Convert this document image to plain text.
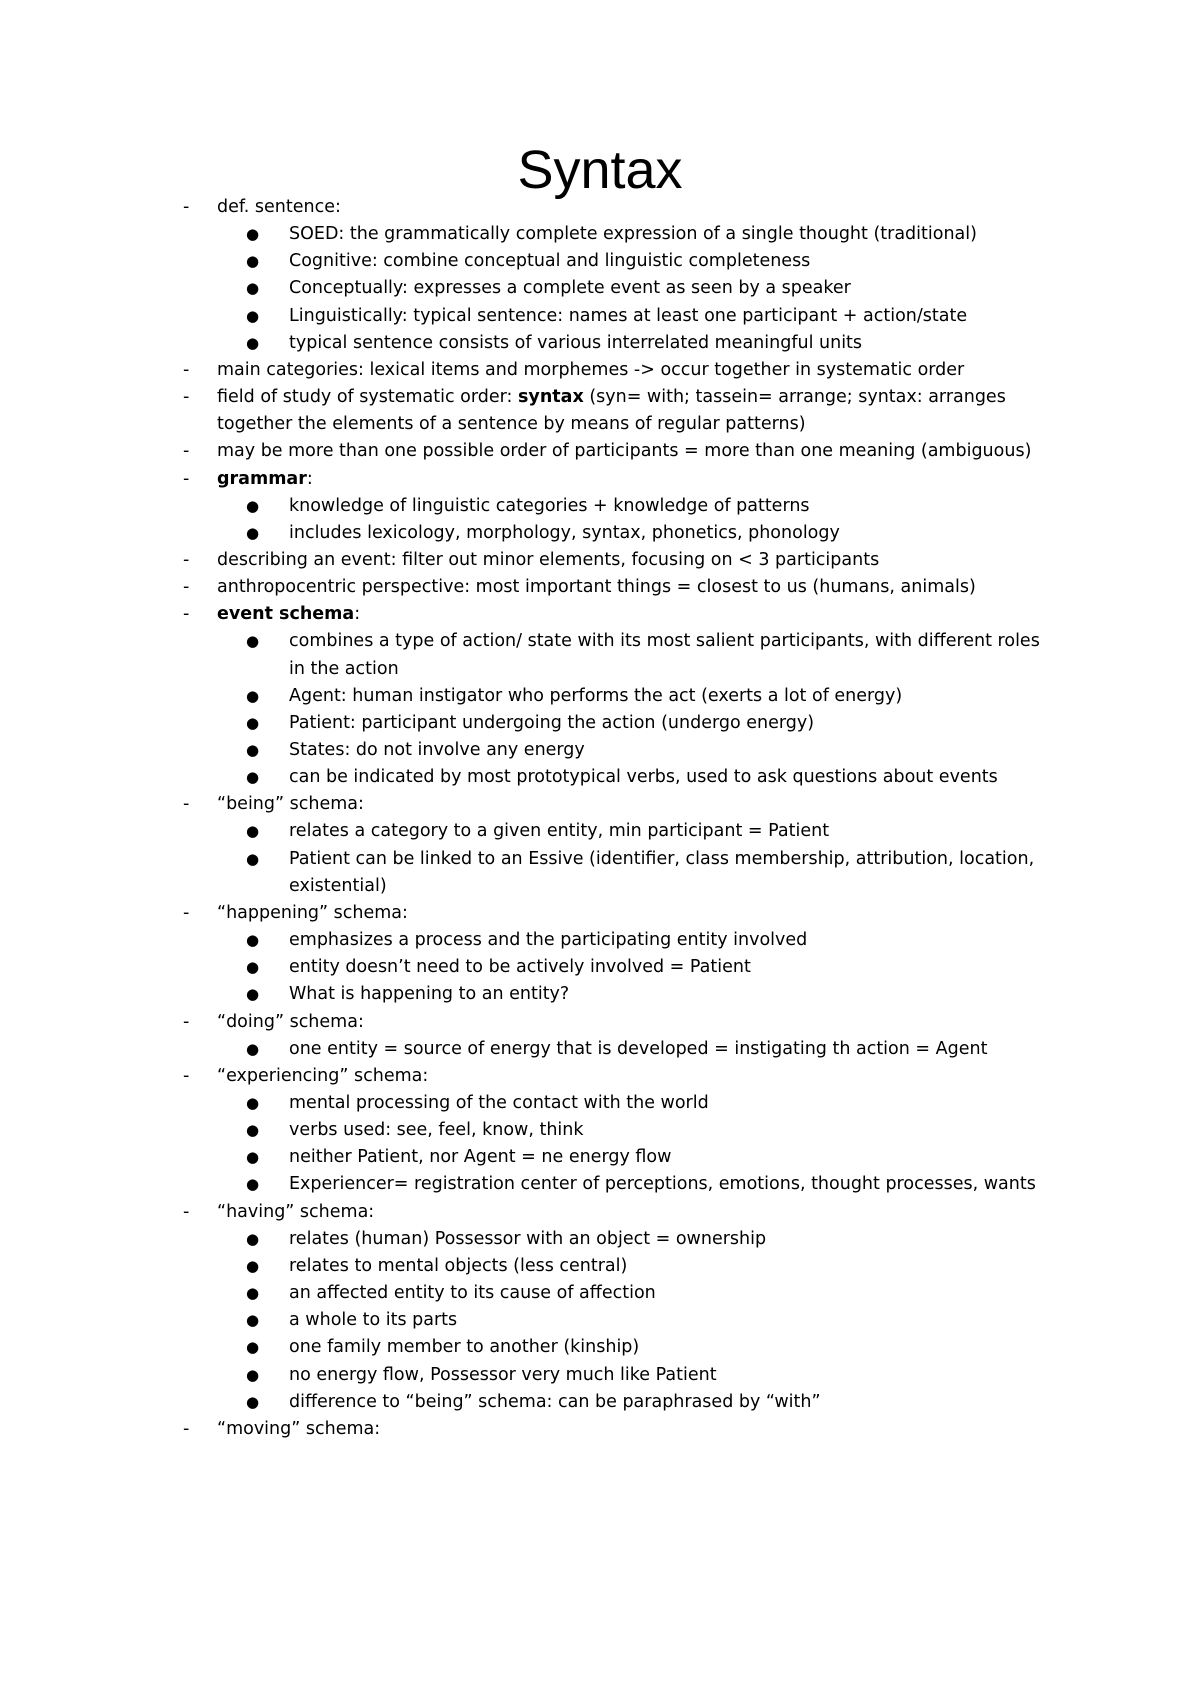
Syntax
-	def. sentence:
● SOED: the grammatically complete expression of a single thought (traditional)
● Cognitive: combine conceptual and linguistic completeness
● Conceptually: expresses a complete event as seen by a speaker
● Linguistically: typical sentence: names at least one participant + action/state
● typical sentence consists of various interrelated meaningful units
-	main categories: lexical items and morphemes -> occur together in systematic order
-	field of study of systematic order: syntax (syn= with; tassein= arrange; syntax: arranges
together the elements of a sentence by means of regular patterns)
-	may be more than one possible order of participants = more than one meaning (ambiguous)
-	grammar:
● knowledge of linguistic categories + knowledge of patterns
● includes lexicology, morphology, syntax, phonetics, phonology
-	describing an event: filter out minor elements, focusing on < 3 participants
-	anthropocentric perspective: most important things = closest to us (humans, animals)
-	event schema:
● combines a type of action/ state with its most salient participants, with different roles
in the action
● Agent: human instigator who performs the act (exerts a lot of energy)
● Patient: participant undergoing the action (undergo energy)
● States: do not involve any energy
● can be indicated by most prototypical verbs, used to ask questions about events
-	“being” schema:
● relates a category to a given entity, min participant = Patient
● Patient can be linked to an Essive (identifier, class membership, attribution, location,
existential)
-	“happening” schema:
● emphasizes a process and the participating entity involved
● entity doesn’t need to be actively involved = Patient
● What is happening to an entity?
-	“doing” schema:
● one entity = source of energy that is developed = instigating th action = Agent
-	“experiencing” schema:
● mental processing of the contact with the world
● verbs used: see, feel, know, think
● neither Patient, nor Agent = ne energy flow
● Experiencer= registration center of perceptions, emotions, thought processes, wants
-	“having” schema:
● relates (human) Possessor with an object = ownership
● relates to mental objects (less central)
● an affected entity to its cause of affection
● a whole to its parts
● one family member to another (kinship)
● no energy flow, Possessor very much like Patient
● difference to “being” schema: can be paraphrased by “with”
-	“moving” schema:
